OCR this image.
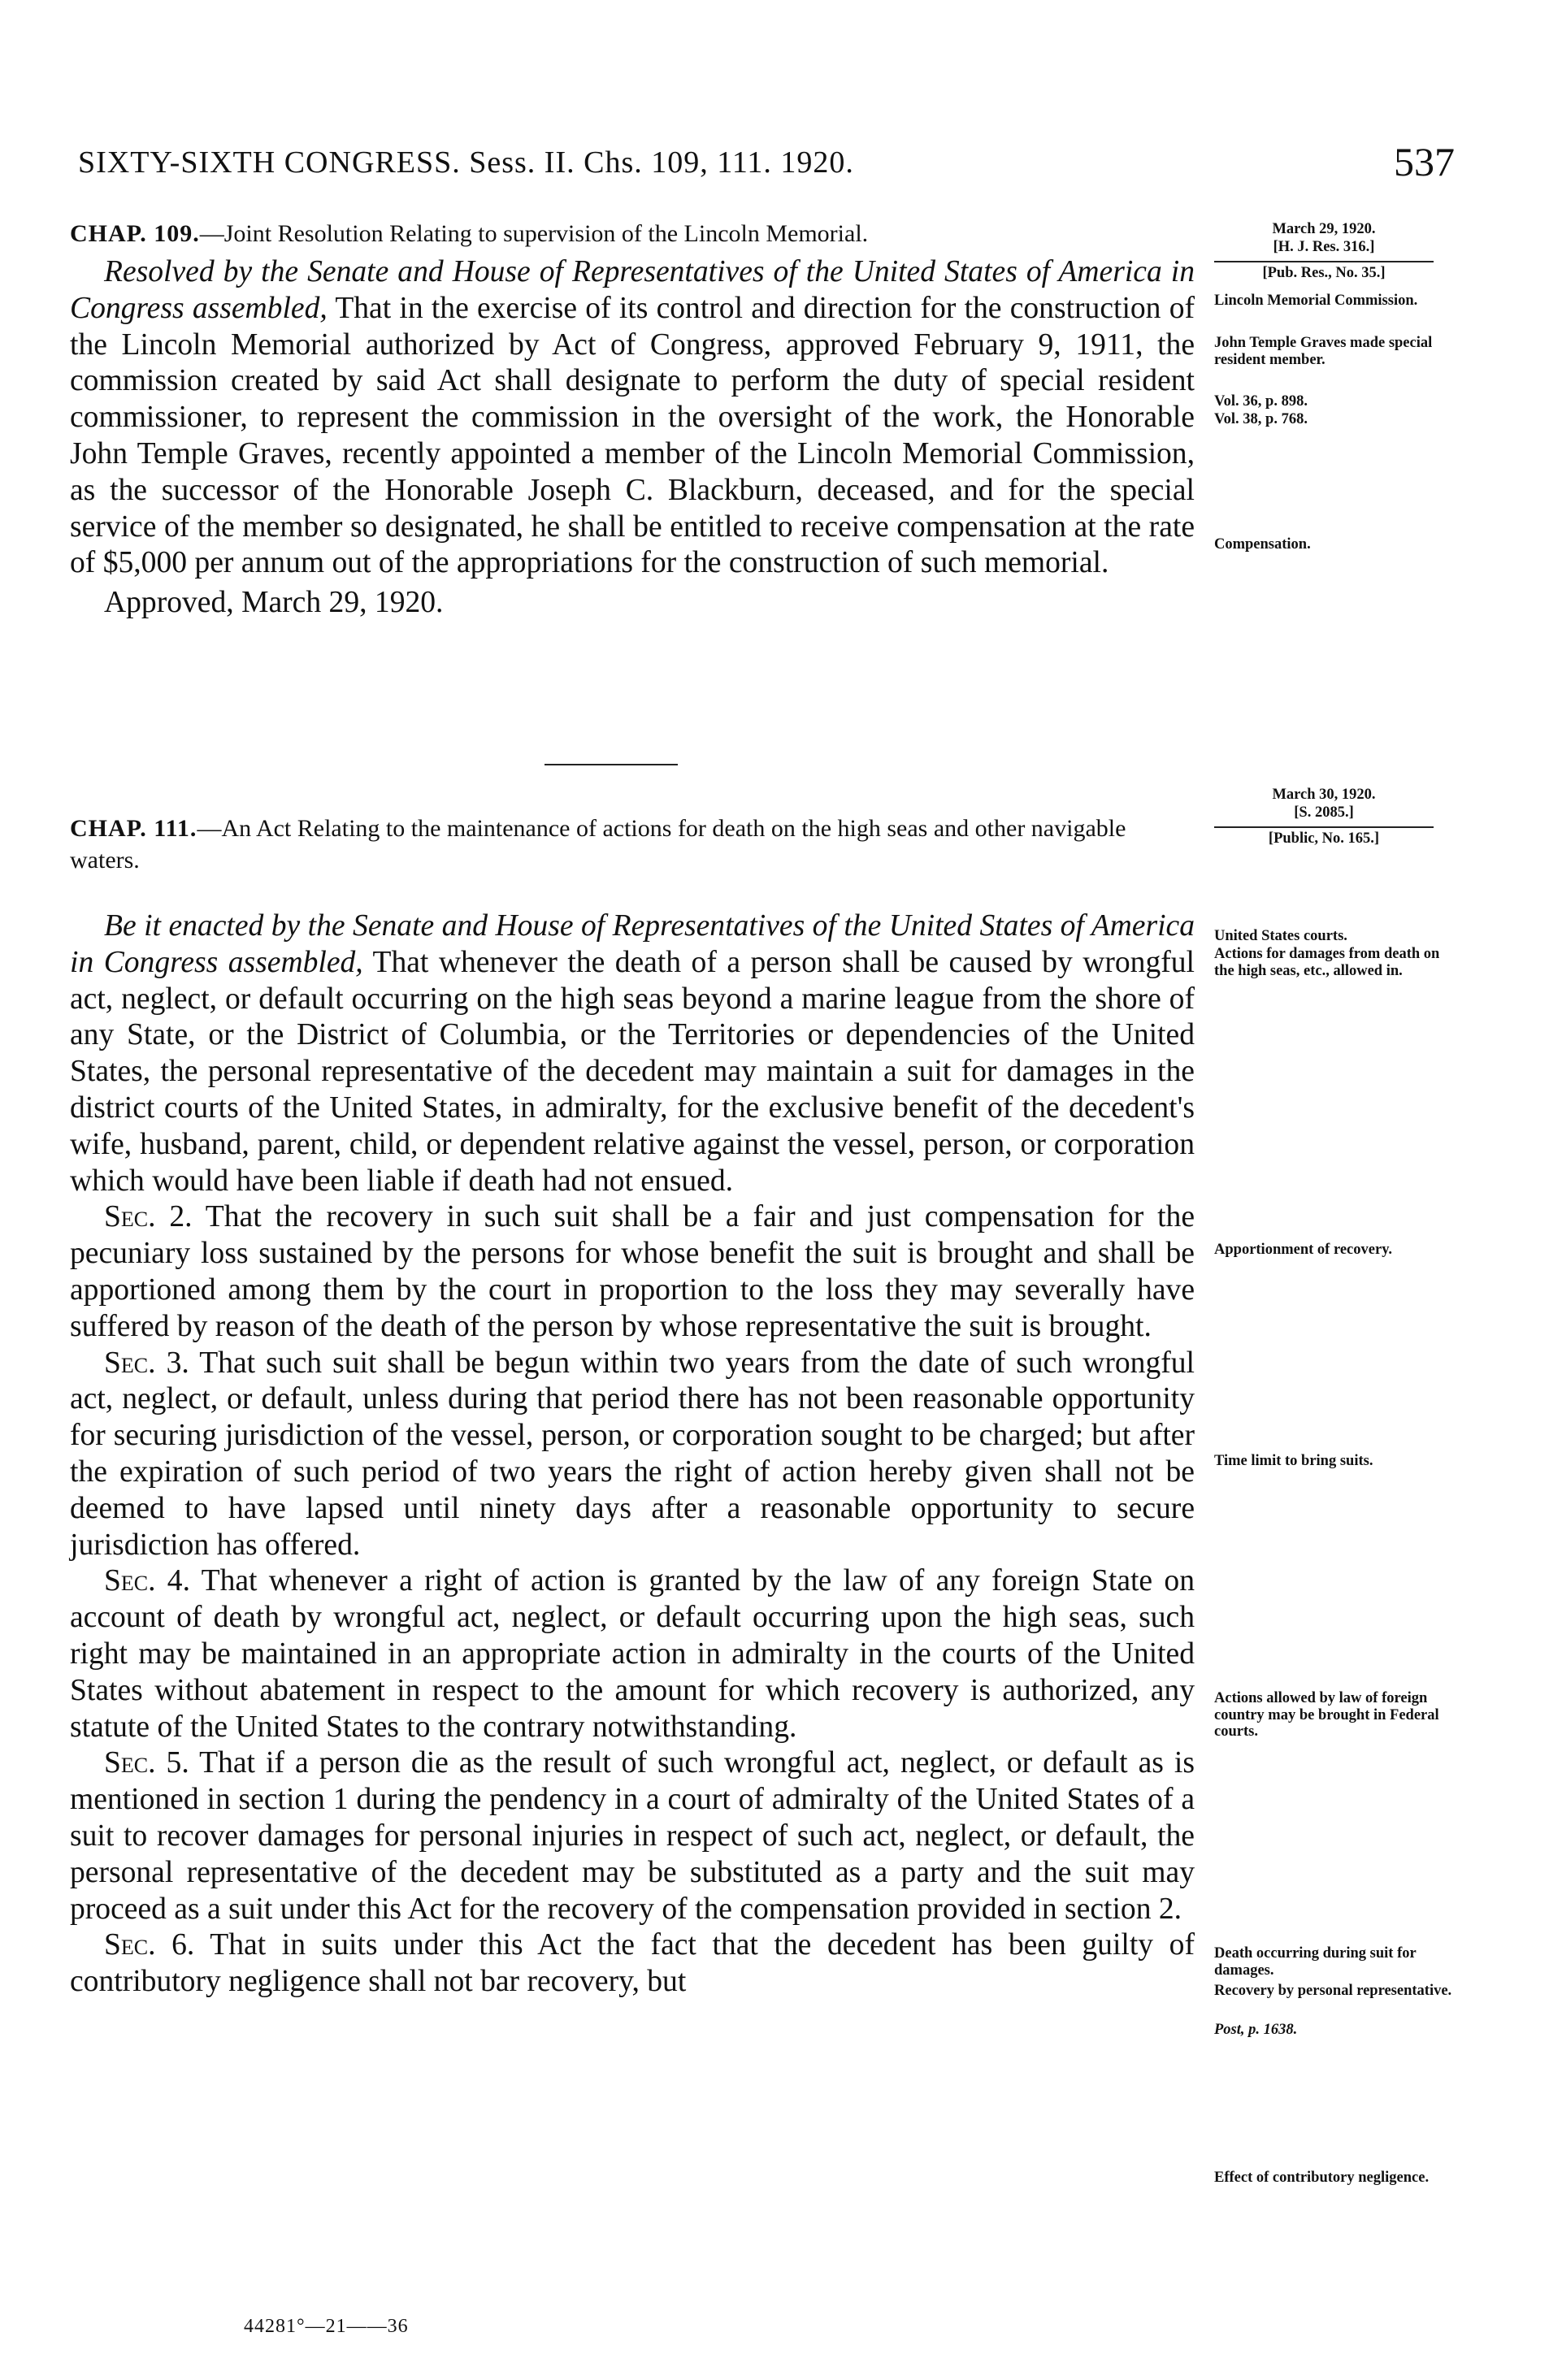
SIXTY-SIXTH CONGRESS. Sess. II. Chs. 109, 111. 1920.	537
CHAP. 109.—Joint Resolution Relating to supervision of the Lincoln Memorial.

Resolved by the Senate and House of Representatives of the United States of America in Congress assembled, That in the exercise of its control and direction for the construction of the Lincoln Memorial authorized by Act of Congress, approved February 9, 1911, the commission created by said Act shall designate to perform the duty of special resident commissioner, to represent the commission in the oversight of the work, the Honorable John Temple Graves, recently appointed a member of the Lincoln Memorial Commission, as the successor of the Honorable Joseph C. Blackburn, deceased, and for the special service of the member so designated, he shall be entitled to receive compensation at the rate of $5,000 per annum out of the appropriations for the construction of such memorial.

Approved, March 29, 1920.
March 29, 1920.
[H. J. Res. 316.]
[Pub. Res., No. 35.]
Lincoln Memorial Commission.
John Temple Graves made special resident member.
Vol. 36, p. 898.
Vol. 38, p. 768.
Compensation.
CHAP. 111.—An Act Relating to the maintenance of actions for death on the high seas and other navigable waters.

Be it enacted by the Senate and House of Representatives of the United States of America in Congress assembled, That whenever the death of a person shall be caused by wrongful act, neglect, or default occurring on the high seas beyond a marine league from the shore of any State, or the District of Columbia, or the Territories or dependencies of the United States, the personal representative of the decedent may maintain a suit for damages in the district courts of the United States, in admiralty, for the exclusive benefit of the decedent's wife, husband, parent, child, or dependent relative against the vessel, person, or corporation which would have been liable if death had not ensued.

Sec. 2. That the recovery in such suit shall be a fair and just compensation for the pecuniary loss sustained by the persons for whose benefit the suit is brought and shall be apportioned among them by the court in proportion to the loss they may severally have suffered by reason of the death of the person by whose representative the suit is brought.

Sec. 3. That such suit shall be begun within two years from the date of such wrongful act, neglect, or default, unless during that period there has not been reasonable opportunity for securing jurisdiction of the vessel, person, or corporation sought to be charged; but after the expiration of such period of two years the right of action hereby given shall not be deemed to have lapsed until ninety days after a reasonable opportunity to secure jurisdiction has offered.

Sec. 4. That whenever a right of action is granted by the law of any foreign State on account of death by wrongful act, neglect, or default occurring upon the high seas, such right may be maintained in an appropriate action in admiralty in the courts of the United States without abatement in respect to the amount for which recovery is authorized, any statute of the United States to the contrary notwithstanding.

Sec. 5. That if a person die as the result of such wrongful act, neglect, or default as is mentioned in section 1 during the pendency in a court of admiralty of the United States of a suit to recover damages for personal injuries in respect of such act, neglect, or default, the personal representative of the decedent may be substituted as a party and the suit may proceed as a suit under this Act for the recovery of the compensation provided in section 2.

Sec. 6. That in suits under this Act the fact that the decedent has been guilty of contributory negligence shall not bar recovery, but

March 30, 1920.
[S. 2085.]
[Public, No. 165.]
United States courts.
Actions for damages from death on the high seas, etc., allowed in.
Apportionment of recovery.
Time limit to bring suits.
Actions allowed by law of foreign country may be brought in Federal courts.
Death occurring during suit for damages.
Recovery by personal representative.
Post, p. 1638.
Effect of contributory negligence.
44281°—21——36
